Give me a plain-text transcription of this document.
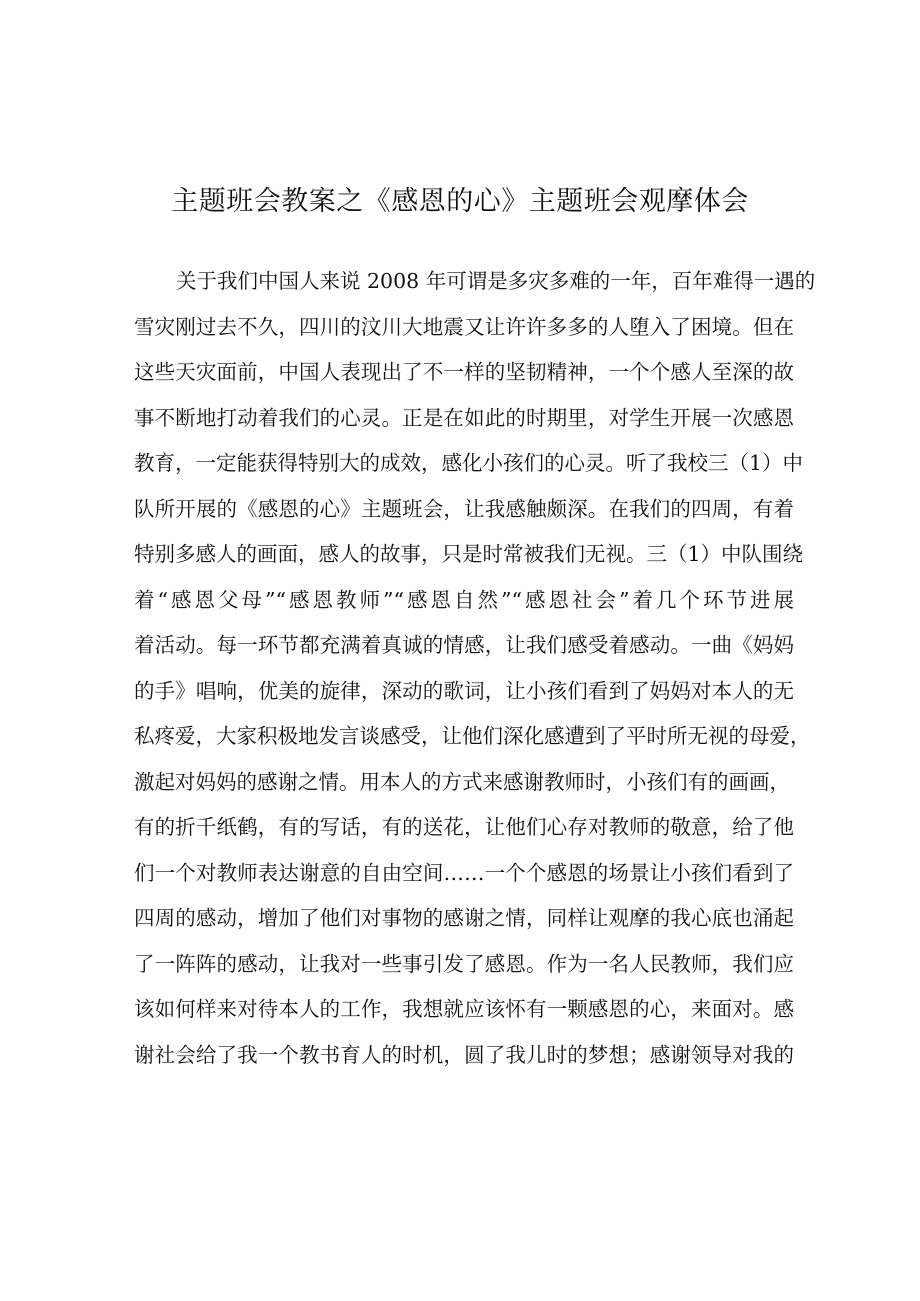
主题班会教案之《感恩的心》主题班会观摩体会
关于我们中国人来说 2008 年可谓是多灾多难的一年，百年难得一遇的
雪灾刚过去不久，四川的汶川大地震又让许许多多的人堕入了困境。但在
这些天灾面前，中国人表现出了不一样的坚韧精神，一个个感人至深的故
事不断地打动着我们的心灵。正是在如此的时期里，对学生开展一次感恩
教育，一定能获得特别大的成效，感化小孩们的心灵。听了我校三（1）中
队所开展的《感恩的心》主题班会，让我感触颇深。在我们的四周，有着
特别多感人的画面，感人的故事，只是时常被我们无视。三（1）中队围绕
着“感恩父母”“感恩教师”“感恩自然”“感恩社会”着几个环节进展
着活动。每一环节都充满着真诚的情感，让我们感受着感动。一曲《妈妈
的手》唱响，优美的旋律，深动的歌词，让小孩们看到了妈妈对本人的无
私疼爱，大家积极地发言谈感受，让他们深化感遭到了平时所无视的母爱，
激起对妈妈的感谢之情。用本人的方式来感谢教师时，小孩们有的画画，
有的折千纸鹤，有的写话，有的送花，让他们心存对教师的敬意，给了他
们一个对教师表达谢意的自由空间……一个个感恩的场景让小孩们看到了
四周的感动，增加了他们对事物的感谢之情，同样让观摩的我心底也涌起
了一阵阵的感动，让我对一些事引发了感恩。作为一名人民教师，我们应
该如何样来对待本人的工作，我想就应该怀有一颗感恩的心，来面对。感
谢社会给了我一个教书育人的时机，圆了我儿时的梦想；感谢领导对我的
